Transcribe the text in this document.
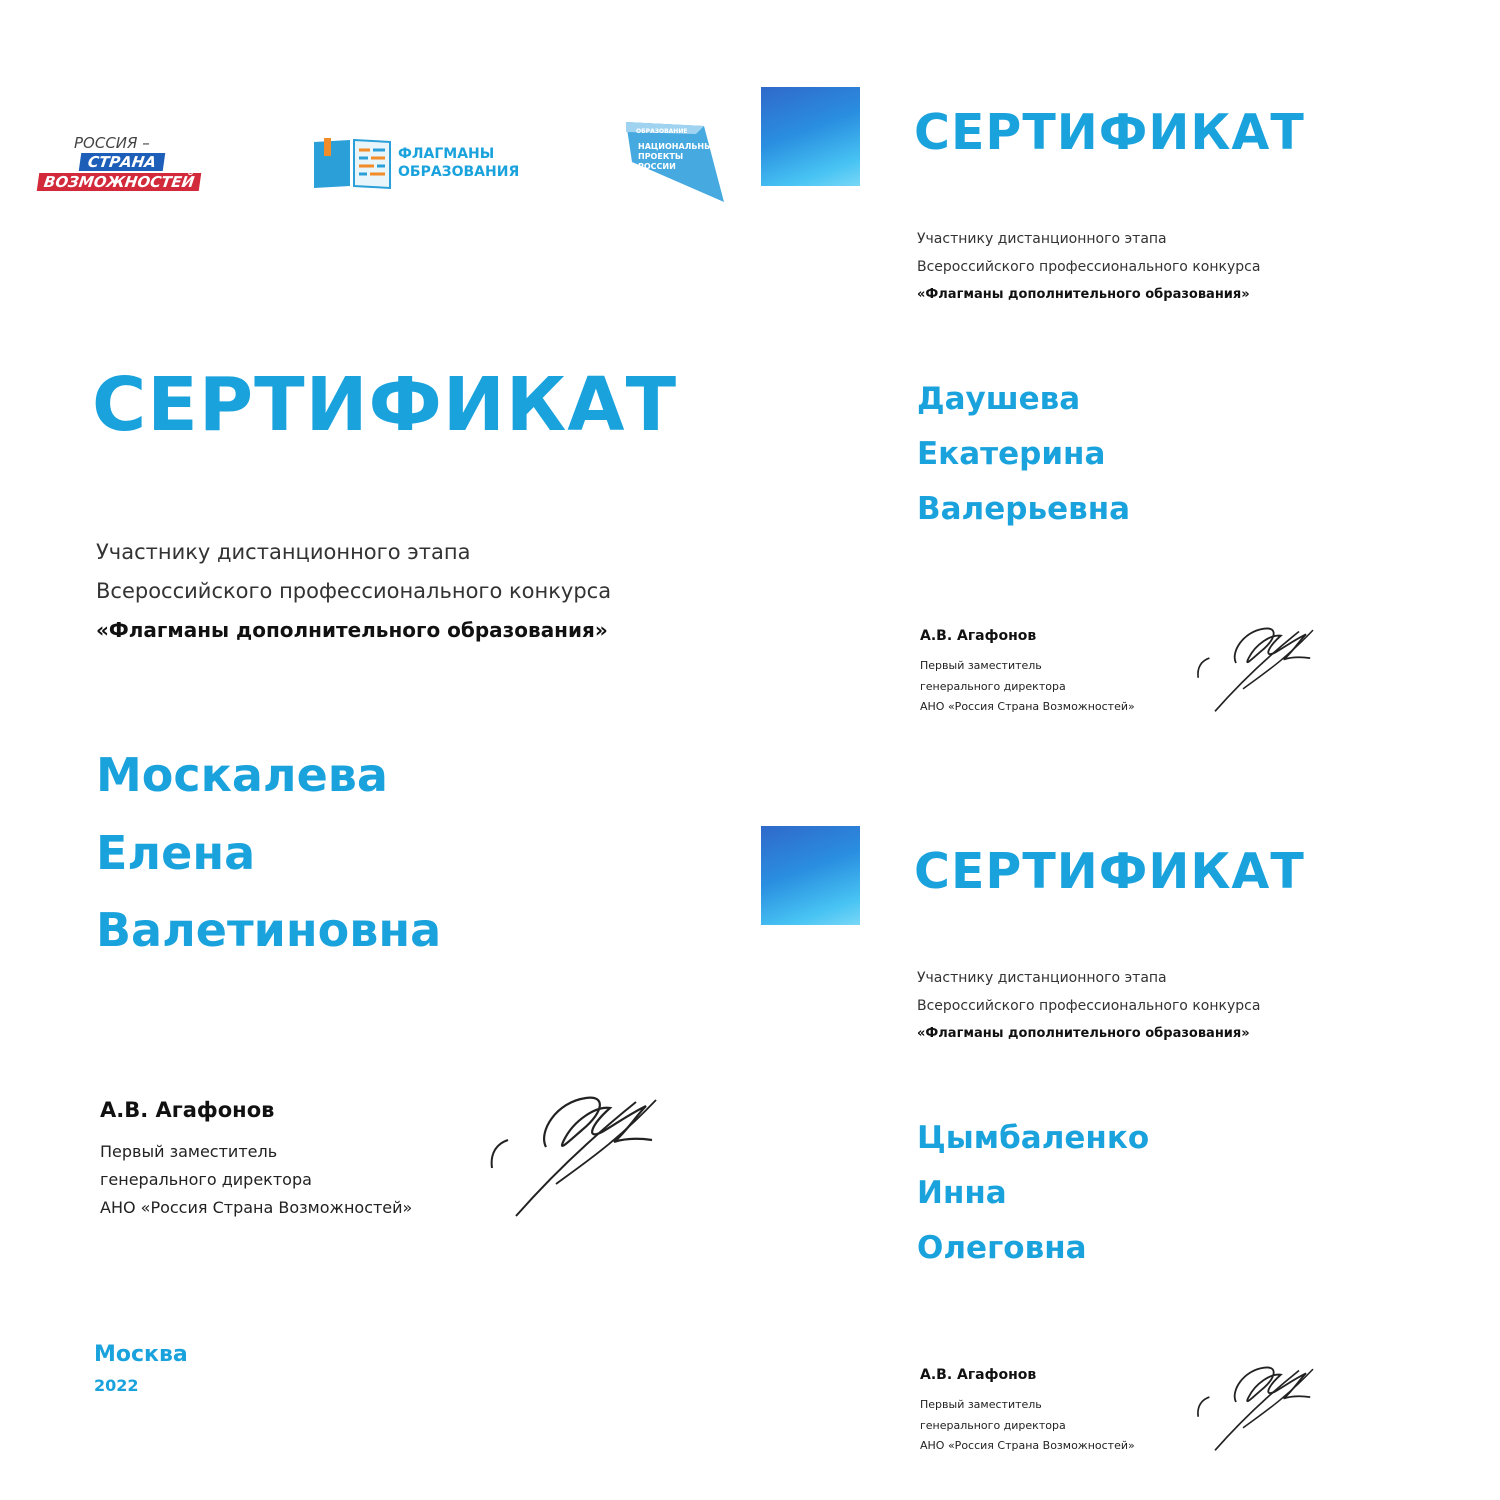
РОССИЯ –
СТРАНА
ВОЗМОЖНОСТЕЙ
ФЛАГМАНЫ
ОБРАЗОВАНИЯ
ОБРАЗОВАНИЕ
НАЦИОНАЛЬНЫЕ
ПРОЕКТЫ
РОССИИ
СЕРТИФИКАТ
Участнику дистанционного этапа
Всероссийского профессионального конкурса
«Флагманы дополнительного образования»
Москалева
Елена
Валетиновна
А.В. Агафонов
Первый заместитель
генерального директора
АНО «Россия Страна Возможностей»
Москва
2022
СЕРТИФИКАТ
Участнику дистанционного этапа
Всероссийского профессионального конкурса
«Флагманы дополнительного образования»
Даушева
Екатерина
Валерьевна
А.В. Агафонов
Первый заместитель
генерального директора
АНО «Россия Страна Возможностей»
СЕРТИФИКАТ
Участнику дистанционного этапа
Всероссийского профессионального конкурса
«Флагманы дополнительного образования»
Цымбаленко
Инна
Олеговна
А.В. Агафонов
Первый заместитель
генерального директора
АНО «Россия Страна Возможностей»
